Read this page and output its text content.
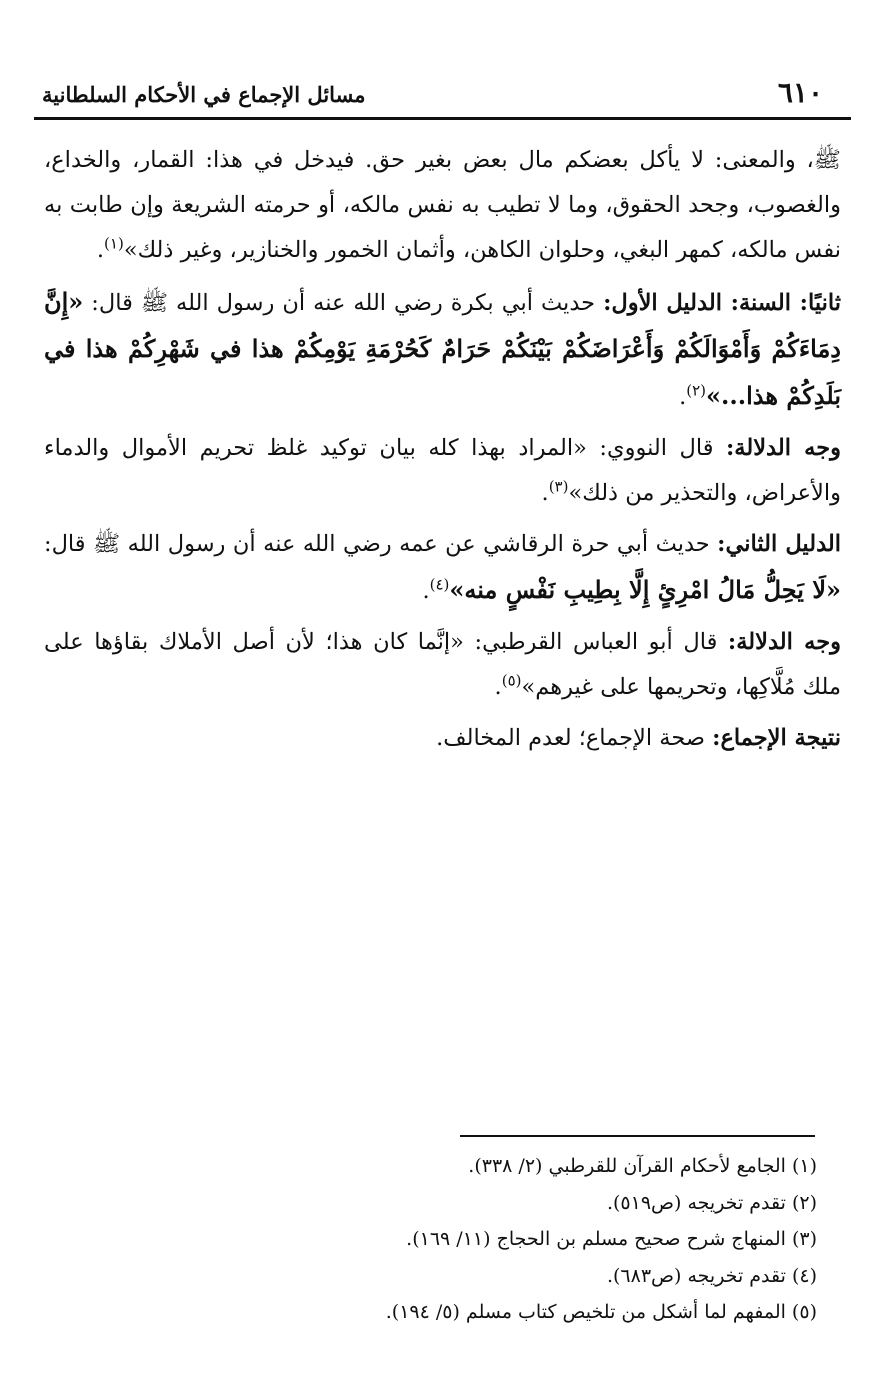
٦١٠
مسائل الإجماع في الأحكام السلطانية

ﷺ، والمعنى: لا يأكل بعضكم مال بعض بغير حق. فيدخل في هذا: القمار، والخداع، والغصوب، وجحد الحقوق، وما لا تطيب به نفس مالكه، أو حرمته الشريعة وإن طابت به نفس مالكه، كمهر البغي، وحلوان الكاهن، وأثمان الخمور والخنازير، وغير ذلك»$^{(١)}$.

ثانيًا: السنة: الدليل الأول: حديث أبي بكرة رضي الله عنه أن رسول الله ﷺ قال: «إِنَّ دِمَاءَكُمْ وَأَمْوَالَكُمْ وَأَعْرَاضَكُمْ بَيْنَكُمْ حَرَامٌ كَحُرْمَةِ يَوْمِكُمْ هذا في شَهْرِكُمْ هذا في بَلَدِكُمْ هذا...»$^{(٢)}$.

وجه الدلالة: قال النووي: «المراد بهذا كله بيان توكيد غلظ تحريم الأموال والدماء والأعراض، والتحذير من ذلك»$^{(٣)}$.

الدليل الثاني: حديث أبي حرة الرقاشي عن عمه رضي الله عنه أن رسول الله ﷺ قال: «لَا يَحِلُّ مَالُ امْرِئٍ إِلَّا بِطِيبِ نَفْسٍ منه»$^{(٤)}$.

وجه الدلالة: قال أبو العباس القرطبي: «إنَّما كان هذا؛ لأن أصل الأملاك بقاؤها على ملك مُلَّاكِها، وتحريمها على غيرهم»$^{(٥)}$.

نتيجة الإجماع: صحة الإجماع؛ لعدم المخالف.

(١) الجامع لأحكام القرآن للقرطبي (٢/ ٣٣٨).
(٢) تقدم تخريجه (ص٥١٩).
(٣) المنهاج شرح صحيح مسلم بن الحجاج (١١/ ١٦٩).
(٤) تقدم تخريجه (ص٦٨٣).
(٥) المفهم لما أشكل من تلخيص كتاب مسلم (٥/ ١٩٤).
